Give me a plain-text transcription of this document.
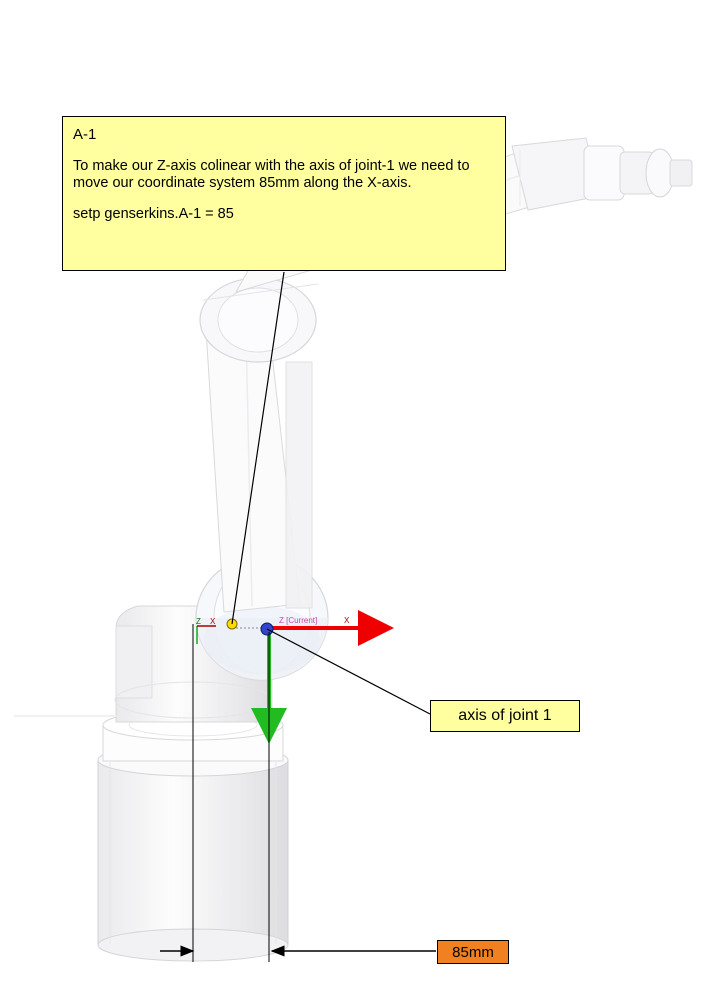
Z X	Z [Current]	X
A-1
To make our Z-axis colinear with the axis of joint-1 we need to move our coordinate system 85mm along the X-axis.
setp genserkins.A-1 = 85
axis of joint 1
85mm
